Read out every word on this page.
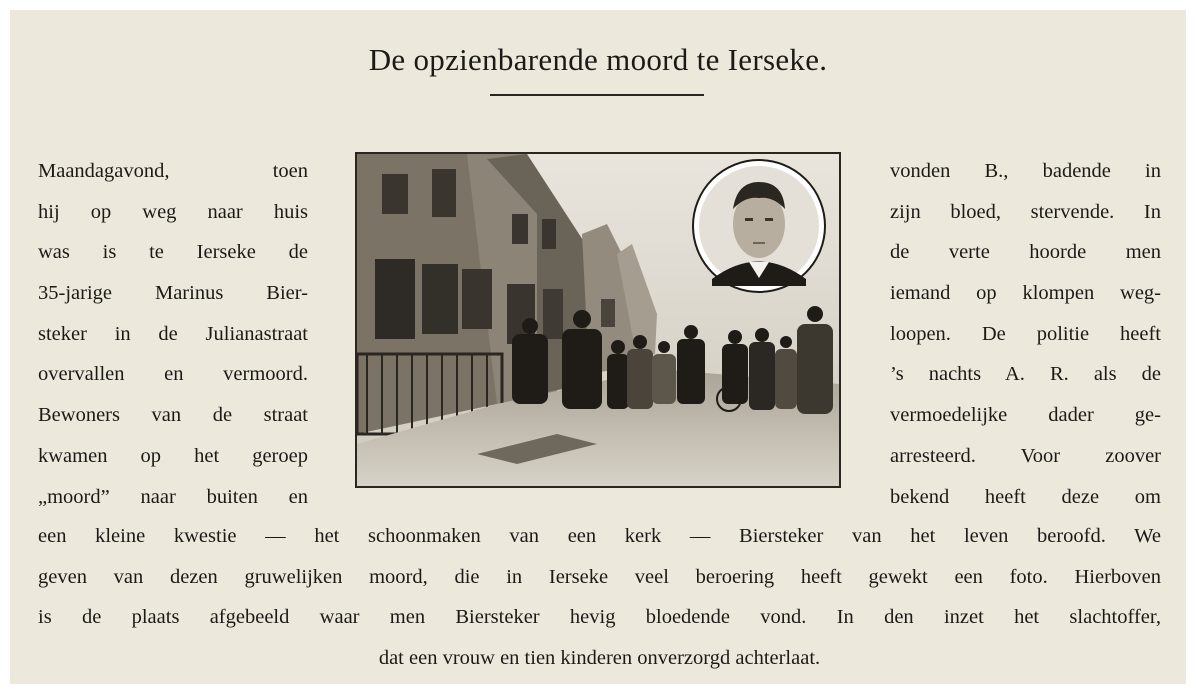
De opzienbarende moord te Ierseke.
Maandagavond, toen
hij op weg naar huis
was is te Ierseke de
35-jarige Marinus Bier-
steker in de Julianastraat
overvallen en vermoord.
Bewoners van de straat
kwamen op het geroep
„moord” naar buiten en
vonden B., badende in
zijn bloed, stervende. In
de verte hoorde men
iemand op klompen weg-
loopen. De politie heeft
’s nachts A. R. als de
vermoedelijke dader ge-
arresteerd. Voor zoover
bekend heeft deze om
een kleine kwestie — het schoonmaken van een kerk — Biersteker van het leven beroofd. We
geven van dezen gruwelijken moord, die in Ierseke veel beroering heeft gewekt een foto. Hierboven
is de plaats afgebeeld waar men Biersteker hevig bloedende vond. In den inzet het slachtoffer,
dat een vrouw en tien kinderen onverzorgd achterlaat.
